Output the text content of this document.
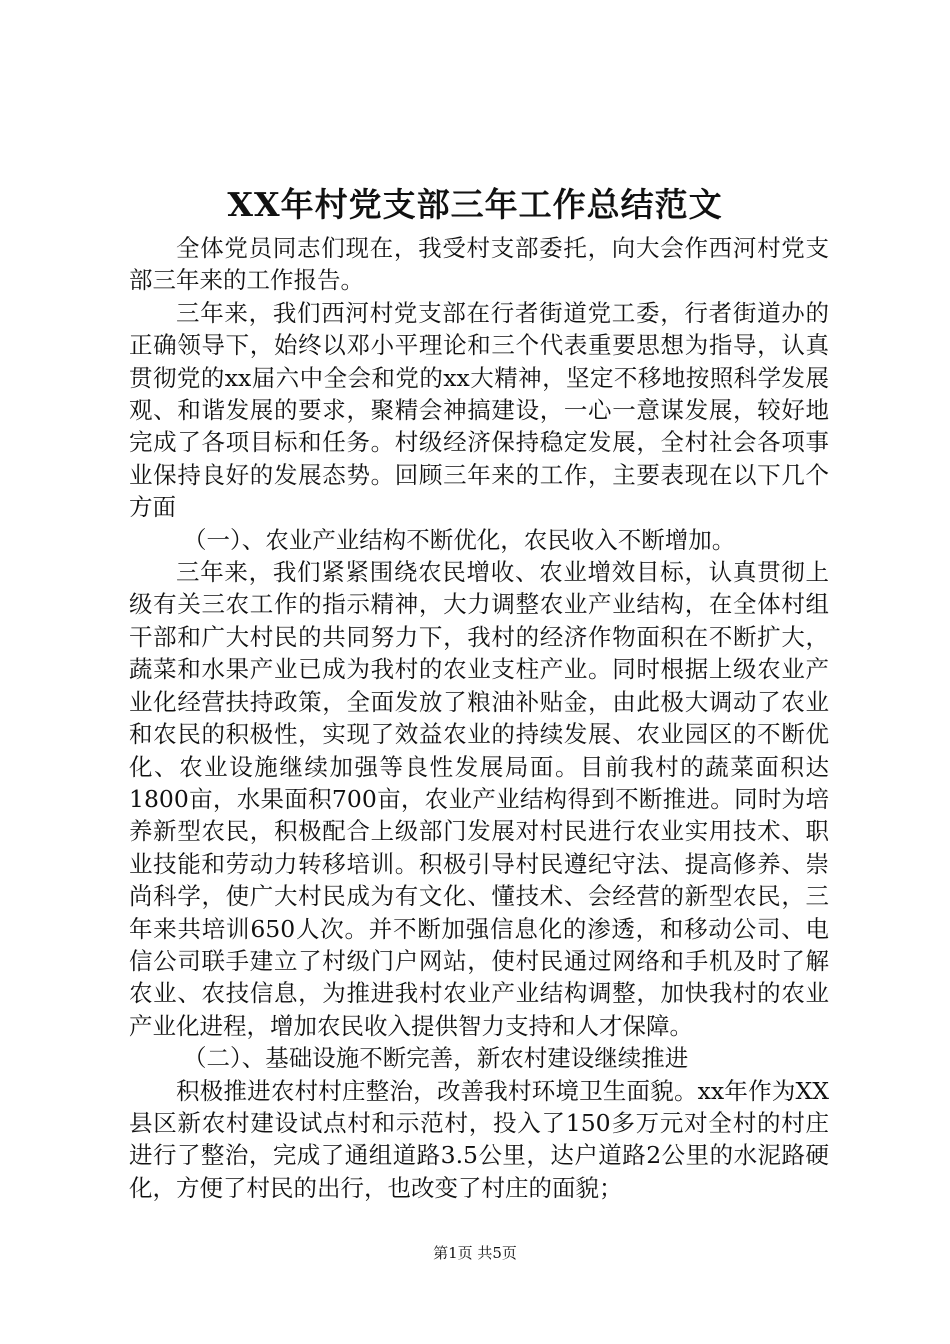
XX年村党支部三年工作总结范文

全体党员同志们现在，我受村支部委托，向大会作西河村党支部三年来的工作报告。

三年来，我们西河村党支部在行者街道党工委，行者街道办的正确领导下，始终以邓小平理论和三个代表重要思想为指导，认真贯彻党的xx届六中全会和党的xx大精神，坚定不移地按照科学发展观、和谐发展的要求，聚精会神搞建设，一心一意谋发展，较好地完成了各项目标和任务。村级经济保持稳定发展，全村社会各项事业保持良好的发展态势。回顾三年来的工作，主要表现在以下几个方面

（一）、农业产业结构不断优化，农民收入不断增加。

三年来，我们紧紧围绕农民增收、农业增效目标，认真贯彻上级有关三农工作的指示精神，大力调整农业产业结构，在全体村组干部和广大村民的共同努力下，我村的经济作物面积在不断扩大，蔬菜和水果产业已成为我村的农业支柱产业。同时根据上级农业产业化经营扶持政策，全面发放了粮油补贴金，由此极大调动了农业和农民的积极性，实现了效益农业的持续发展、农业园区的不断优化、农业设施继续加强等良性发展局面。目前我村的蔬菜面积达1800亩，水果面积700亩，农业产业结构得到不断推进。同时为培养新型农民，积极配合上级部门发展对村民进行农业实用技术、职业技能和劳动力转移培训。积极引导村民遵纪守法、提高修养、崇尚科学，使广大村民成为有文化、懂技术、会经营的新型农民，三年来共培训650人次。并不断加强信息化的渗透，和移动公司、电信公司联手建立了村级门户网站，使村民通过网络和手机及时了解农业、农技信息，为推进我村农业产业结构调整，加快我村的农业产业化进程，增加农民收入提供智力支持和人才保障。

（二）、基础设施不断完善，新农村建设继续推进

积极推进农村村庄整治，改善我村环境卫生面貌。xx年作为XX县区新农村建设试点村和示范村，投入了150多万元对全村的村庄进行了整治，完成了通组道路3.5公里，达户道路2公里的水泥路硬化，方便了村民的出行，也改变了村庄的面貌；

第1页 共5页
